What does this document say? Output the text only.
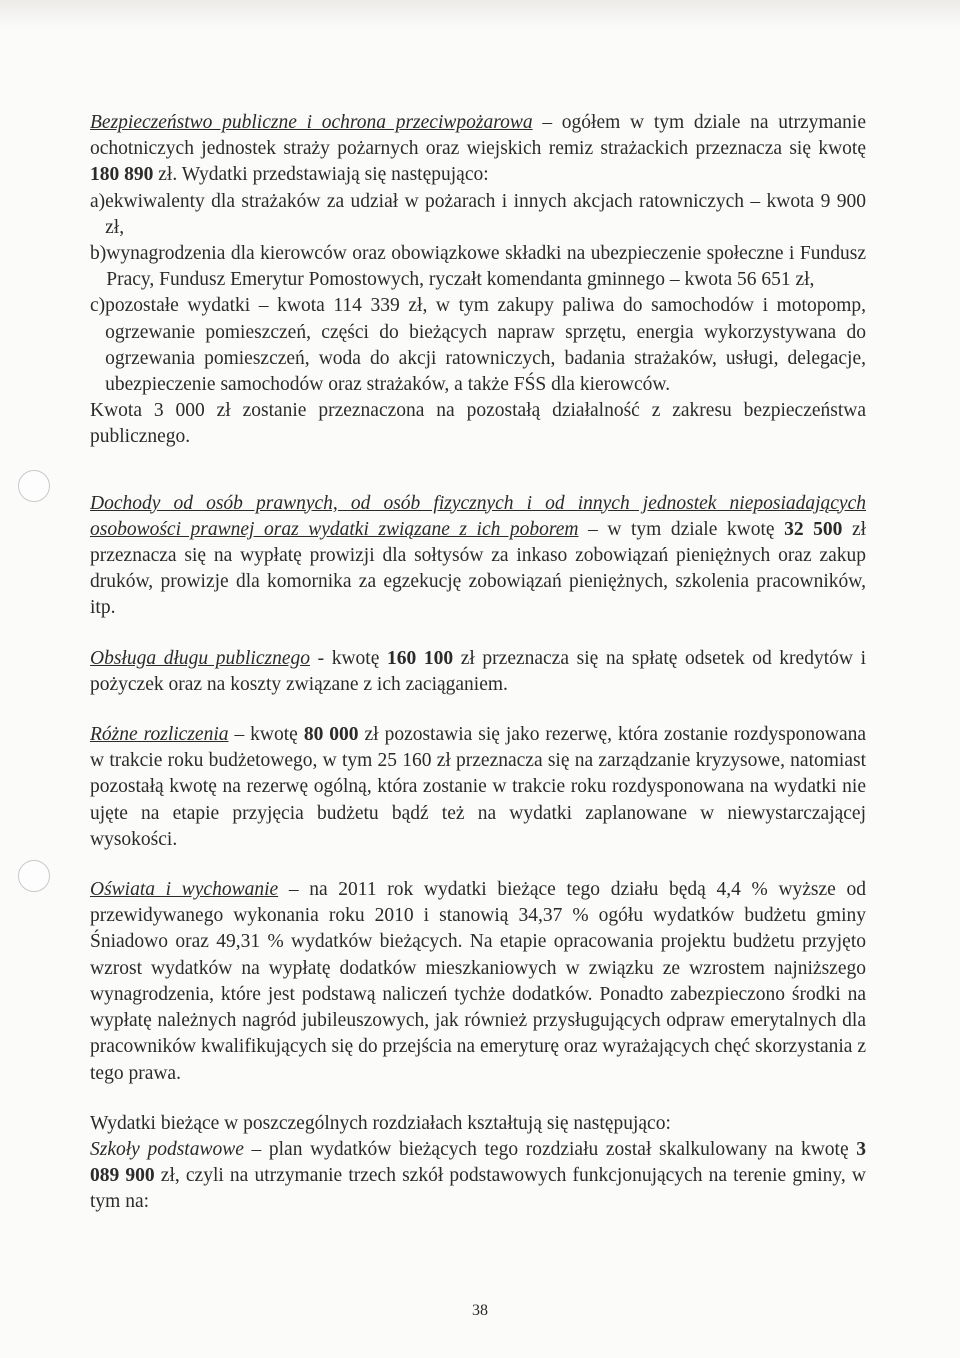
Bezpieczeństwo publiczne i ochrona przeciwpożarowa – ogółem w tym dziale na utrzymanie ochotniczych jednostek straży pożarnych oraz wiejskich remiz strażackich przeznacza się kwotę 180 890 zł. Wydatki przedstawiają się następująco:

a) ekwiwalenty dla strażaków za udział w pożarach i innych akcjach ratowniczych – kwota 9 900 zł,

b) wynagrodzenia dla kierowców oraz obowiązkowe składki na ubezpieczenie społeczne i Fundusz Pracy, Fundusz Emerytur Pomostowych, ryczałt komendanta gminnego – kwota 56 651 zł,

c) pozostałe wydatki – kwota 114 339 zł, w tym zakupy paliwa do samochodów i motopomp, ogrzewanie pomieszczeń, części do bieżących napraw sprzętu, energia wykorzystywana do ogrzewania pomieszczeń, woda do akcji ratowniczych, badania strażaków, usługi, delegacje, ubezpieczenie samochodów oraz strażaków, a także FŚS dla kierowców.

Kwota 3 000 zł zostanie przeznaczona na pozostałą działalność z zakresu bezpieczeństwa publicznego.

Dochody od osób prawnych, od osób fizycznych i od innych jednostek nieposiadających osobowości prawnej oraz wydatki związane z ich poborem – w tym dziale kwotę 32 500 zł przeznacza się na wypłatę prowizji dla sołtysów za inkaso zobowiązań pieniężnych oraz zakup druków, prowizje dla komornika za egzekucję zobowiązań pieniężnych, szkolenia pracowników, itp.

Obsługa długu publicznego - kwotę 160 100 zł przeznacza się na spłatę odsetek od kredytów i pożyczek oraz na koszty związane z ich zaciąganiem.

Różne rozliczenia – kwotę 80 000 zł pozostawia się jako rezerwę, która zostanie rozdysponowana w trakcie roku budżetowego, w tym 25 160 zł przeznacza się na zarządzanie kryzysowe, natomiast pozostałą kwotę na rezerwę ogólną, która zostanie w trakcie roku rozdysponowana na wydatki nie ujęte na etapie przyjęcia budżetu bądź też na wydatki zaplanowane w niewystarczającej wysokości.

Oświata i wychowanie – na 2011 rok wydatki bieżące tego działu będą 4,4 % wyższe od przewidywanego wykonania roku 2010 i stanowią 34,37 % ogółu wydatków budżetu gminy Śniadowo oraz 49,31 % wydatków bieżących. Na etapie opracowania projektu budżetu przyjęto wzrost wydatków na wypłatę dodatków mieszkaniowych w związku ze wzrostem najniższego wynagrodzenia, które jest podstawą naliczeń tychże dodatków. Ponadto zabezpieczono środki na wypłatę należnych nagród jubileuszowych, jak również przysługujących odpraw emerytalnych dla pracowników kwalifikujących się do przejścia na emeryturę oraz wyrażających chęć skorzystania z tego prawa.

Wydatki bieżące w poszczególnych rozdziałach kształtują się następująco:

Szkoły podstawowe – plan wydatków bieżących tego rozdziału został skalkulowany na kwotę 3 089 900 zł, czyli na utrzymanie trzech szkół podstawowych funkcjonujących na terenie gminy, w tym na:

38
